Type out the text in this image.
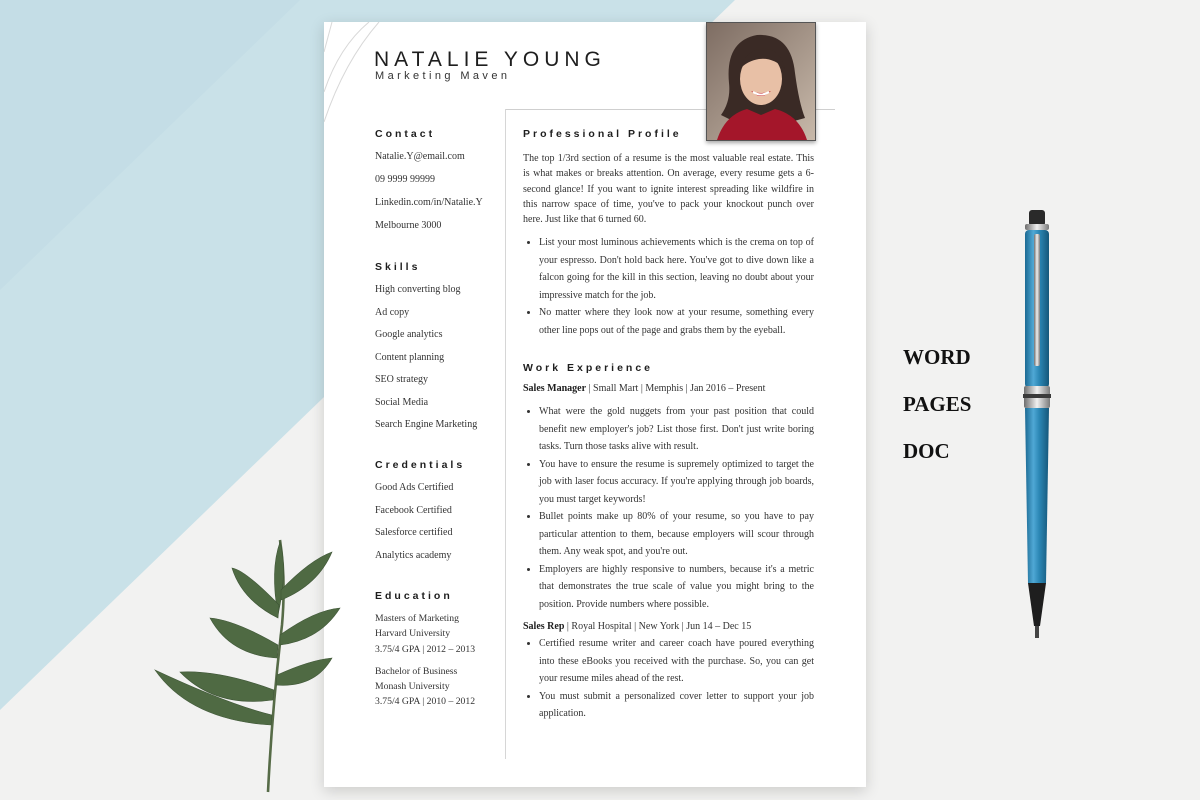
NATALIE YOUNG
Marketing Maven
Contact
Natalie.Y@email.com
09 9999 99999
Linkedin.com/in/Natalie.Y
Melbourne 3000
Skills
High converting blog
Ad copy
Google analytics
Content planning
SEO strategy
Social Media
Search Engine Marketing
Credentials
Good Ads Certified
Facebook Certified
Salesforce certified
Analytics academy
Education
Masters of Marketing
Harvard University
3.75/4 GPA | 2012 – 2013
Bachelor of Business
Monash University
3.75/4 GPA | 2010 – 2012
Professional Profile

The top 1/3rd section of a resume is the most valuable real estate. This is what makes or breaks attention. On average, every resume gets a 6-second glance! If you want to ignite interest spreading like wildfire in this narrow space of time, you've to pack your knockout punch over here. Just like that 6 turned 60.

• List your most luminous achievements which is the crema on top of your espresso. Don't hold back here. You've got to dive down like a falcon going for the kill in this section, leaving no doubt about your impressive match for the job.
• No matter where they look now at your resume, something every other line pops out of the page and grabs them by the eyeball.
Work Experience

Sales Manager | Small Mart | Memphis | Jan 2016 – Present

• What were the gold nuggets from your past position that could benefit new employer's job? List those first. Don't just write boring tasks. Turn those tasks alive with result.
• You have to ensure the resume is supremely optimized to target the job with laser focus accuracy. If you're applying through job boards, you must target keywords!
• Bullet points make up 80% of your resume, so you have to pay particular attention to them, because employers will scour through them. Any weak spot, and you're out.
• Employers are highly responsive to numbers, because it's a metric that demonstrates the true scale of value you might bring to the position. Provide numbers where possible.

Sales Rep | Royal Hospital | New York | Jun 14 – Dec 15

• Certified resume writer and career coach have poured everything into these eBooks you received with the purchase. So, you can get your resume miles ahead of the rest.
• You must submit a personalized cover letter to support your job application.
WORD
PAGES
DOC
